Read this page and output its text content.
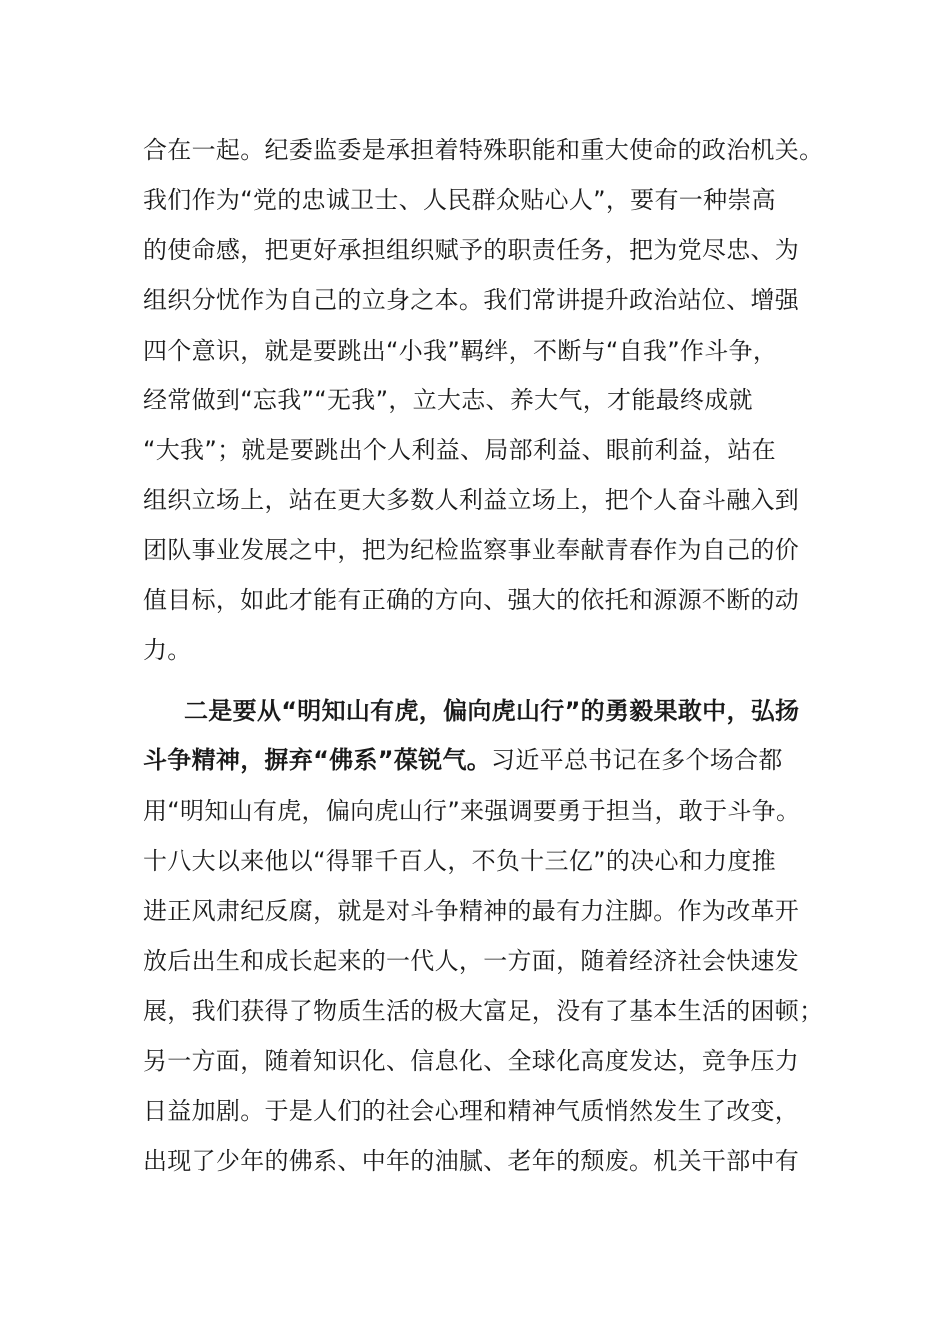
合在一起。纪委监委是承担着特殊职能和重大使命的政治机关。
我们作为“党的忠诚卫士、人民群众贴心人”，要有一种崇高
的使命感，把更好承担组织赋予的职责任务，把为党尽忠、为
组织分忧作为自己的立身之本。我们常讲提升政治站位、增强
四个意识，就是要跳出“小我”羁绊，不断与“自我”作斗争，
经常做到“忘我”“无我”，立大志、养大气，才能最终成就
“大我”；就是要跳出个人利益、局部利益、眼前利益，站在
组织立场上，站在更大多数人利益立场上，把个人奋斗融入到
团队事业发展之中，把为纪检监察事业奉献青春作为自己的价
值目标，如此才能有正确的方向、强大的依托和源源不断的动
力。
二是要从“明知山有虎，偏向虎山行”的勇毅果敢中，弘扬
斗争精神，摒弃“佛系”葆锐气。习近平总书记在多个场合都
用“明知山有虎，偏向虎山行”来强调要勇于担当，敢于斗争。
十八大以来他以“得罪千百人，不负十三亿”的决心和力度推
进正风肃纪反腐，就是对斗争精神的最有力注脚。作为改革开
放后出生和成长起来的一代人，一方面，随着经济社会快速发
展，我们获得了物质生活的极大富足，没有了基本生活的困顿；
另一方面，随着知识化、信息化、全球化高度发达，竞争压力
日益加剧。于是人们的社会心理和精神气质悄然发生了改变，
出现了少年的佛系、中年的油腻、老年的颓废。机关干部中有
